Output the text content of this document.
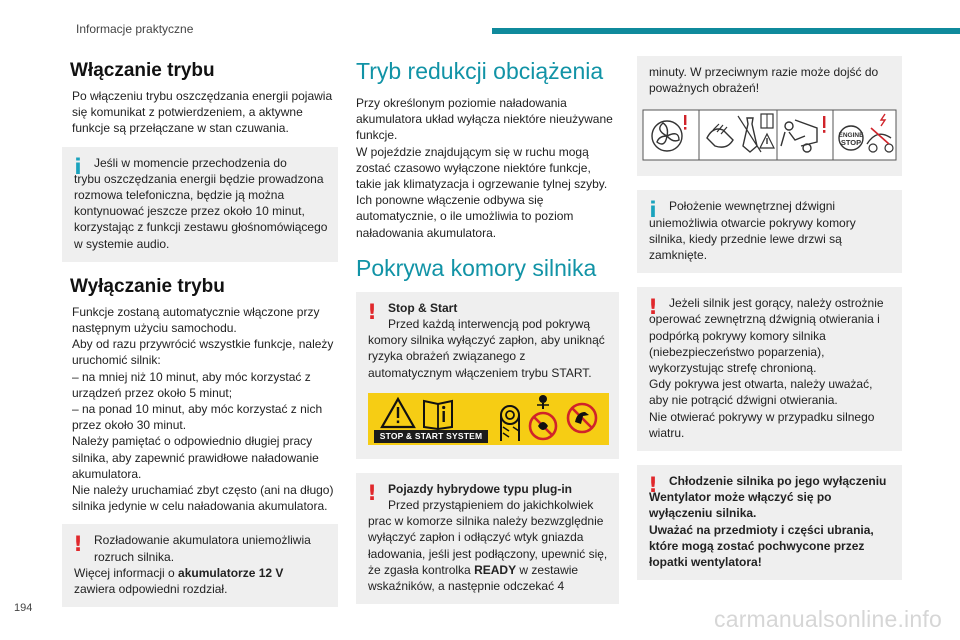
Informacje praktyczne
Włączanie trybu

Po włączeniu trybu oszczędzania energii pojawia się komunikat z potwierdzeniem, a aktywne funkcje są przełączane w stan czuwania.

i	Jeśli w momencie przechodzenia do
trybu oszczędzania energii będzie prowadzona rozmowa telefoniczna, będzie ją można kontynuować jeszcze przez około 10 minut, korzystając z funkcji zestawu głośnomówiącego w systemie audio.
Wyłączanie trybu

Funkcje zostaną automatycznie włączone przy następnym użyciu samochodu.
Aby od razu przywrócić wszystkie funkcje, należy uruchomić silnik:
– na mniej niż 10 minut, aby móc korzystać z urządzeń przez około 5 minut;
– na ponad 10 minut, aby móc korzystać z nich przez około 30 minut.
Należy pamiętać o odpowiednio długiej pracy silnika, aby zapewnić prawidłowe naładowanie akumulatora.
Nie należy uruchamiać zbyt często (ani na długo) silnika jedynie w celu naładowania akumulatora.

! Rozładowanie akumulatora uniemożliwia
rozruch silnika.
Więcej informacji o akumulatorze 12 V
zawiera odpowiedni rozdział.
Tryb redukcji obciążenia

Przy określonym poziomie naładowania akumulatora układ wyłącza niektóre nieużywane funkcje.
W pojeździe znajdującym się w ruchu mogą zostać czasowo wyłączone niektóre funkcje, takie jak klimatyzacja i ogrzewanie tylnej szyby. Ich ponowne włączenie odbywa się automatycznie, o ile umożliwia to poziom naładowania akumulatora.

Pokrywa komory silnika
! Stop & Start
Przed każdą interwencją pod pokrywą
komory silnika wyłączyć zapłon, aby uniknąć ryzyka obrażeń związanego z automatycznym włączeniem trybu START.
STOP & START SYSTEM
! Pojazdy hybrydowe typu plug-in
Przed przystąpieniem do jakichkolwiek
prac w komorze silnika należy bezwzględnie wyłączyć zapłon i odłączyć wtyk gniazda ładowania, jeśli jest podłączony, upewnić się, że zgasła kontrolka READY w zestawie wskaźników, a następnie odczekać 4
minuty. W przeciwnym razie może dojść do poważnych obrażeń!
ENGINE
STOP
i	Położenie wewnętrznej dźwigni
uniemożliwia otwarcie pokrywy komory silnika, kiedy przednie lewe drzwi są zamknięte.
! Jeżeli silnik jest gorący, należy ostrożnie
operować zewnętrzną dźwignią otwierania i podpórką pokrywy komory silnika (niebezpieczeństwo poparzenia), wykorzystując strefę chronioną.
Gdy pokrywa jest otwarta, należy uważać, aby nie potrącić dźwigni otwierania.
Nie otwierać pokrywy w przypadku silnego wiatru.
! Chłodzenie silnika po jego wyłączeniu
Wentylator może włączyć się po wyłączeniu silnika.
Uważać na przedmioty i części ubrania, które mogą zostać pochwycone przez łopatki wentylatora!
194	carmanualsonline.info
